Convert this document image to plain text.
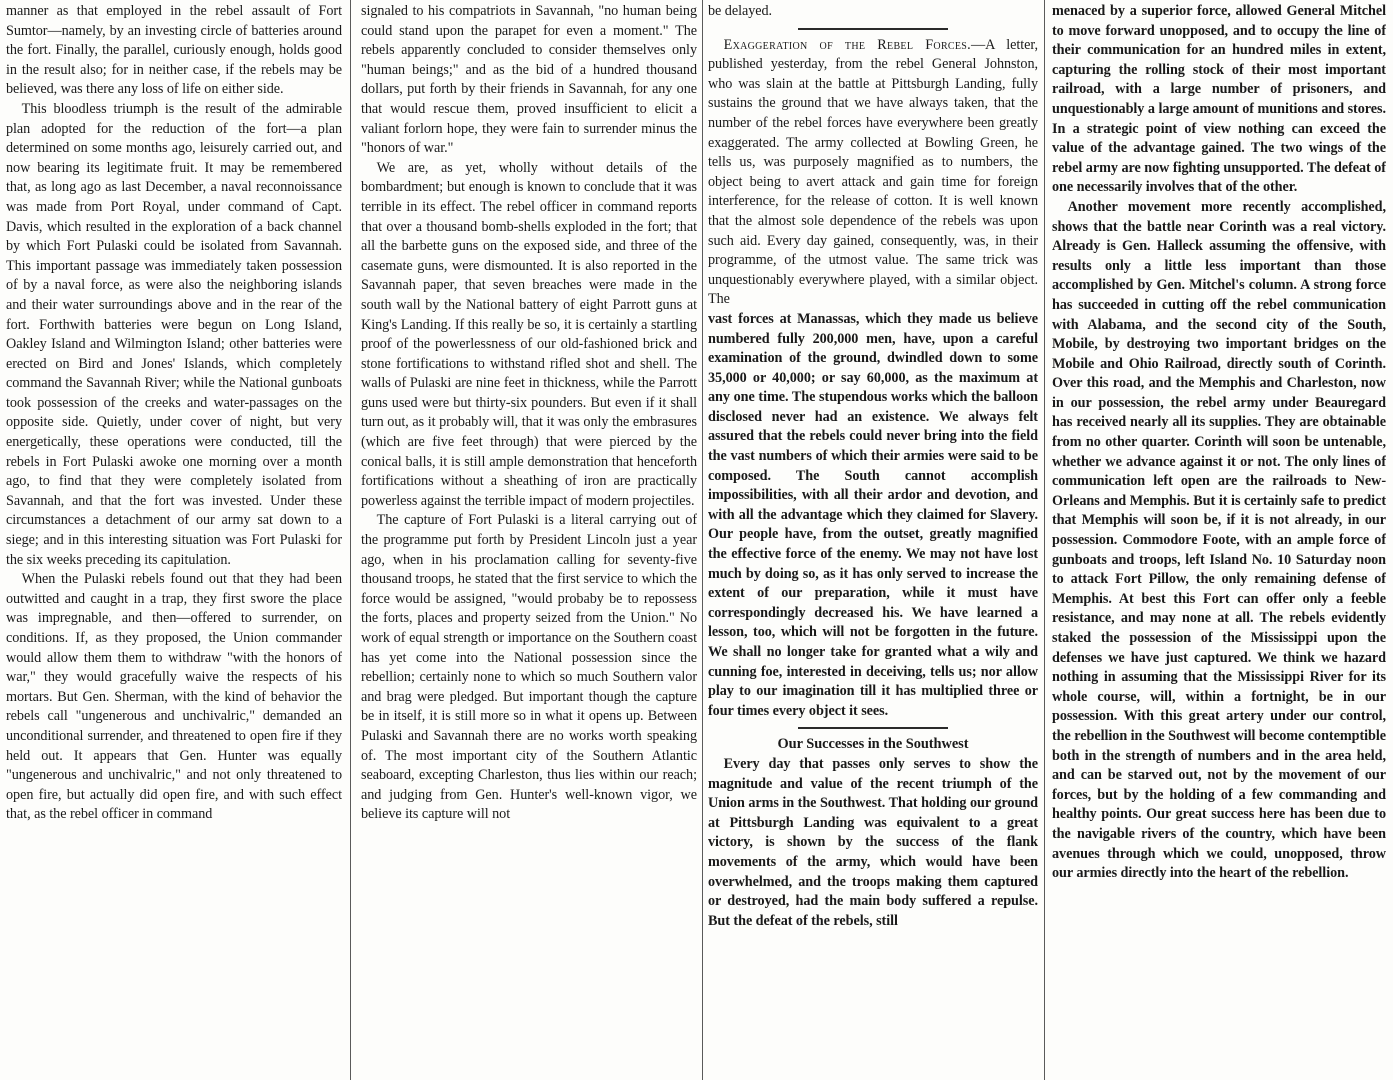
manner as that employed in the rebel assault of Fort Sumtor—namely, by an investing circle of batteries around the fort. Finally, the parallel, curiously enough, holds good in the result also; for in neither case, if the rebels may be believed, was there any loss of life on either side.

This bloodless triumph is the result of the admirable plan adopted for the reduction of the fort—a plan determined on some months ago, leisurely carried out, and now bearing its legitimate fruit. It may be remembered that, as long ago as last December, a naval reconnoissance was made from Port Royal, under command of Capt. Davis, which resulted in the exploration of a back channel by which Fort Pulaski could be isolated from Savannah. This important passage was immediately taken possession of by a naval force, as were also the neighboring islands and their water surroundings above and in the rear of the fort. Forthwith batteries were begun on Long Island, Oakley Island and Wilmington Island; other batteries were erected on Bird and Jones' Islands, which completely command the Savannah River; while the National gunboats took possession of the creeks and water-passages on the opposite side. Quietly, under cover of night, but very energetically, these operations were conducted, till the rebels in Fort Pulaski awoke one morning over a month ago, to find that they were completely isolated from Savannah, and that the fort was invested. Under these circumstances a detachment of our army sat down to a siege; and in this interesting situation was Fort Pulaski for the six weeks preceding its capitulation.

When the Pulaski rebels found out that they had been outwitted and caught in a trap, they first swore the place was impregnable, and then—offered to surrender, on conditions. If, as they proposed, the Union commander would allow them them to withdraw "with the honors of war," they would gracefully waive the respects of his mortars. But Gen. Sherman, with the kind of behavior the rebels call "ungenerous and unchivalric," demanded an unconditional surrender, and threatened to open fire if they held out. It appears that Gen. Hunter was equally "ungenerous and unchivalric," and not only threatened to open fire, but actually did open fire, and with such effect that, as the rebel officer in command

signaled to his compatriots in Savannah, "no human being could stand upon the parapet for even a moment." The rebels apparently concluded to consider themselves only "human beings;" and as the bid of a hundred thousand dollars, put forth by their friends in Savannah, for any one that would rescue them, proved insufficient to elicit a valiant forlorn hope, they were fain to surrender minus the "honors of war."

We are, as yet, wholly without details of the bombardment; but enough is known to conclude that it was terrible in its effect. The rebel officer in command reports that over a thousand bomb-shells exploded in the fort; that all the barbette guns on the exposed side, and three of the casemate guns, were dismounted. It is also reported in the Savannah paper, that seven breaches were made in the south wall by the National battery of eight Parrott guns at King's Landing. If this really be so, it is certainly a startling proof of the powerlessness of our old-fashioned brick and stone fortifications to withstand rifled shot and shell. The walls of Pulaski are nine feet in thickness, while the Parrott guns used were but thirty-six pounders. But even if it shall turn out, as it probably will, that it was only the embrasures (which are five feet through) that were pierced by the conical balls, it is still ample demonstration that henceforth fortifications without a sheathing of iron are practically powerless against the terrible impact of modern projectiles.

The capture of Fort Pulaski is a literal carrying out of the programme put forth by President Lincoln just a year ago, when in his proclamation calling for seventy-five thousand troops, he stated that the first service to which the force would be assigned, "would probaby be to repossess the forts, places and property seized from the Union." No work of equal strength or importance on the Southern coast has yet come into the National possession since the rebellion; certainly none to which so much Southern valor and brag were pledged. But important though the capture be in itself, it is still more so in what it opens up. Between Pulaski and Savannah there are no works worth speaking of. The most important city of the Southern Atlantic seaboard, excepting Charleston, thus lies within our reach; and judging from Gen. Hunter's well-known vigor, we believe its capture will not

be delayed.

Exaggeration of the Rebel Forces.—A letter, published yesterday, from the rebel General Johnston, who was slain at the battle at Pittsburgh Landing, fully sustains the ground that we have always taken, that the number of the rebel forces have everywhere been greatly exaggerated. The army collected at Bowling Green, he tells us, was purposely magnified as to numbers, the object being to avert attack and gain time for foreign interference, for the release of cotton. It is well known that the almost sole dependence of the rebels was upon such aid. Every day gained, consequently, was, in their programme, of the utmost value. The same trick was unquestionably everywhere played, with a similar object. The

vast forces at Manassas, which they made us believe numbered fully 200,000 men, have, upon a careful examination of the ground, dwindled down to some 35,000 or 40,000; or say 60,000, as the maximum at any one time. The stupendous works which the balloon disclosed never had an existence. We always felt assured that the rebels could never bring into the field the vast numbers of which their armies were said to be composed. The South cannot accomplish impossibilities, with all their ardor and devotion, and with all the advantage which they claimed for Slavery. Our people have, from the outset, greatly magnified the effective force of the enemy. We may not have lost much by doing so, as it has only served to increase the extent of our preparation, while it must have correspondingly decreased his. We have learned a lesson, too, which will not be forgotten in the future. We shall no longer take for granted what a wily and cunning foe, interested in deceiving, tells us; nor allow play to our imagination till it has multiplied three or four times every object it sees.

Our Successes in the Southwest

Every day that passes only serves to show the magnitude and value of the recent triumph of the Union arms in the Southwest. That holding our ground at Pittsburgh Landing was equivalent to a great victory, is shown by the success of the flank movements of the army, which would have been overwhelmed, and the troops making them captured or destroyed, had the main body suffered a repulse. But the defeat of the rebels, still

menaced by a superior force, allowed General Mitchel to move forward unopposed, and to occupy the line of their communication for an hundred miles in extent, capturing the rolling stock of their most important railroad, with a large number of prisoners, and unquestionably a large amount of munitions and stores. In a strategic point of view nothing can exceed the value of the advantage gained. The two wings of the rebel army are now fighting unsupported. The defeat of one necessarily involves that of the other.

Another movement more recently accomplished, shows that the battle near Corinth was a real victory. Already is Gen. Halleck assuming the offensive, with results only a little less important than those accomplished by Gen. Mitchel's column. A strong force has succeeded in cutting off the rebel communication with Alabama, and the second city of the South, Mobile, by destroying two important bridges on the Mobile and Ohio Railroad, directly south of Corinth. Over this road, and the Memphis and Charleston, now in our possession, the rebel army under Beauregard has received nearly all its supplies. They are obtainable from no other quarter. Corinth will soon be untenable, whether we advance against it or not. The only lines of communication left open are the railroads to New-Orleans and Memphis. But it is certainly safe to predict that Memphis will soon be, if it is not already, in our possession. Commodore Foote, with an ample force of gunboats and troops, left Island No. 10 Saturday noon to attack Fort Pillow, the only remaining defense of Memphis. At best this Fort can offer only a feeble resistance, and may none at all. The rebels evidently staked the possession of the Mississippi upon the defenses we have just captured. We think we hazard nothing in assuming that the Mississippi River for its whole course, will, within a fortnight, be in our possession. With this great artery under our control, the rebellion in the Southwest will become contemptible both in the strength of numbers and in the area held, and can be starved out, not by the movement of our forces, but by the holding of a few commanding and healthy points. Our great success here has been due to the navigable rivers of the country, which have been avenues through which we could, unopposed, throw our armies directly into the heart of the rebellion.
